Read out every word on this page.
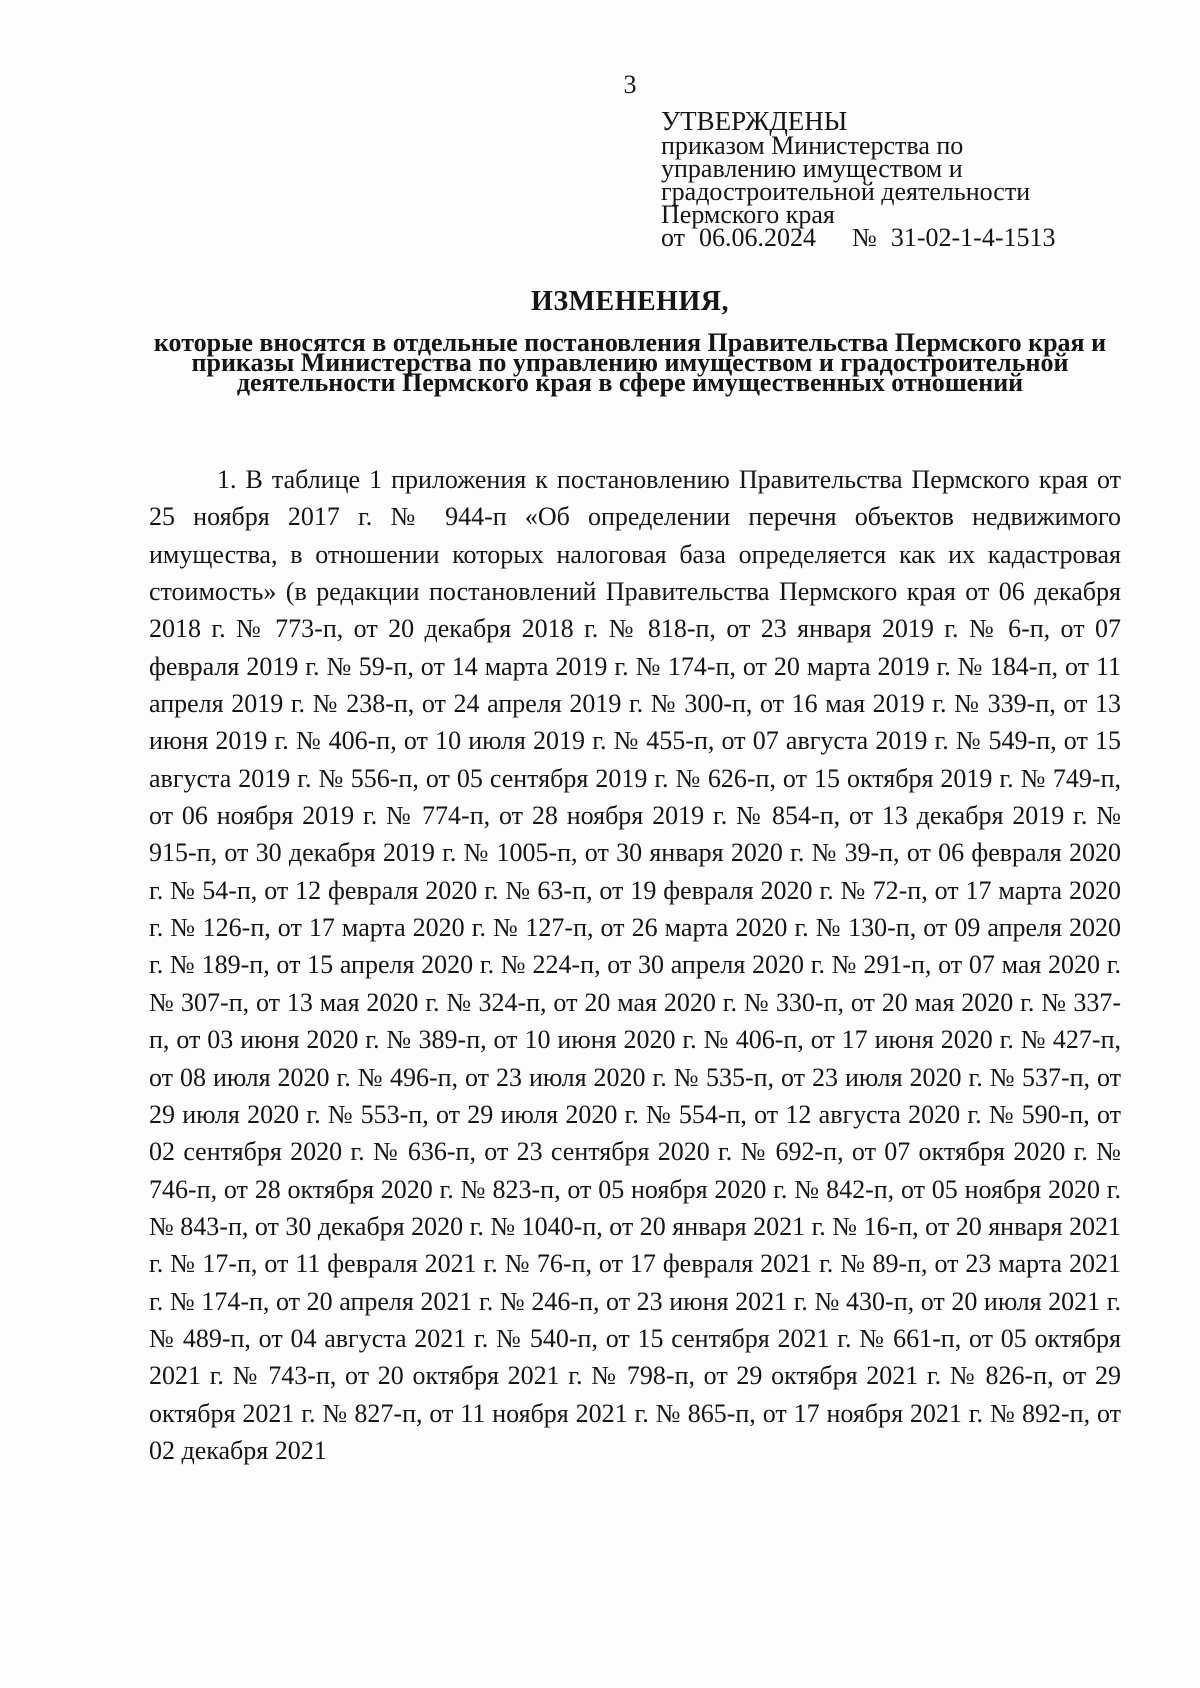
3
УТВЕРЖДЕНЫ
приказом Министерства по
управлению имуществом и
градостроительной деятельности
Пермского края
от 06.06.2024 № 31-02-1-4-1513
ИЗМЕНЕНИЯ,
которые вносятся в отдельные постановления Правительства Пермского края и приказы Министерства по управлению имуществом и градостроительной деятельности Пермского края в сфере имущественных отношений

1. В таблице 1 приложения к постановлению Правительства Пермского края от 25 ноября 2017 г. № 944-п «Об определении перечня объектов недвижимого имущества, в отношении которых налоговая база определяется как их кадастровая стоимость» (в редакции постановлений Правительства Пермского края от 06 декабря 2018 г. № 773-п, от 20 декабря 2018 г. № 818-п, от 23 января 2019 г. № 6-п, от 07 февраля 2019 г. № 59-п, от 14 марта 2019 г. № 174-п, от 20 марта 2019 г. № 184-п, от 11 апреля 2019 г. № 238-п, от 24 апреля 2019 г. № 300-п, от 16 мая 2019 г. № 339-п, от 13 июня 2019 г. № 406-п, от 10 июля 2019 г. № 455-п, от 07 августа 2019 г. № 549-п, от 15 августа 2019 г. № 556-п, от 05 сентября 2019 г. № 626-п, от 15 октября 2019 г. № 749-п, от 06 ноября 2019 г. № 774-п, от 28 ноября 2019 г. № 854-п, от 13 декабря 2019 г. № 915-п, от 30 декабря 2019 г. № 1005-п, от 30 января 2020 г. № 39-п, от 06 февраля 2020 г. № 54-п, от 12 февраля 2020 г. № 63-п, от 19 февраля 2020 г. № 72-п, от 17 марта 2020 г. № 126-п, от 17 марта 2020 г. № 127-п, от 26 марта 2020 г. № 130-п, от 09 апреля 2020 г. № 189-п, от 15 апреля 2020 г. № 224-п, от 30 апреля 2020 г. № 291-п, от 07 мая 2020 г. № 307-п, от 13 мая 2020 г. № 324-п, от 20 мая 2020 г. № 330-п, от 20 мая 2020 г. № 337-п, от 03 июня 2020 г. № 389-п, от 10 июня 2020 г. № 406-п, от 17 июня 2020 г. № 427-п, от 08 июля 2020 г. № 496-п, от 23 июля 2020 г. № 535-п, от 23 июля 2020 г. № 537-п, от 29 июля 2020 г. № 553-п, от 29 июля 2020 г. № 554-п, от 12 августа 2020 г. № 590-п, от 02 сентября 2020 г. № 636-п, от 23 сентября 2020 г. № 692-п, от 07 октября 2020 г. № 746-п, от 28 октября 2020 г. № 823-п, от 05 ноября 2020 г. № 842-п, от 05 ноября 2020 г. № 843-п, от 30 декабря 2020 г. № 1040-п, от 20 января 2021 г. № 16-п, от 20 января 2021 г. № 17-п, от 11 февраля 2021 г. № 76-п, от 17 февраля 2021 г. № 89-п, от 23 марта 2021 г. № 174-п, от 20 апреля 2021 г. № 246-п, от 23 июня 2021 г. № 430-п, от 20 июля 2021 г. № 489-п, от 04 августа 2021 г. № 540-п, от 15 сентября 2021 г. № 661-п, от 05 октября 2021 г. № 743-п, от 20 октября 2021 г. № 798-п, от 29 октября 2021 г. № 826-п, от 29 октября 2021 г. № 827-п, от 11 ноября 2021 г. № 865-п, от 17 ноября 2021 г. № 892-п, от 02 декабря 2021
